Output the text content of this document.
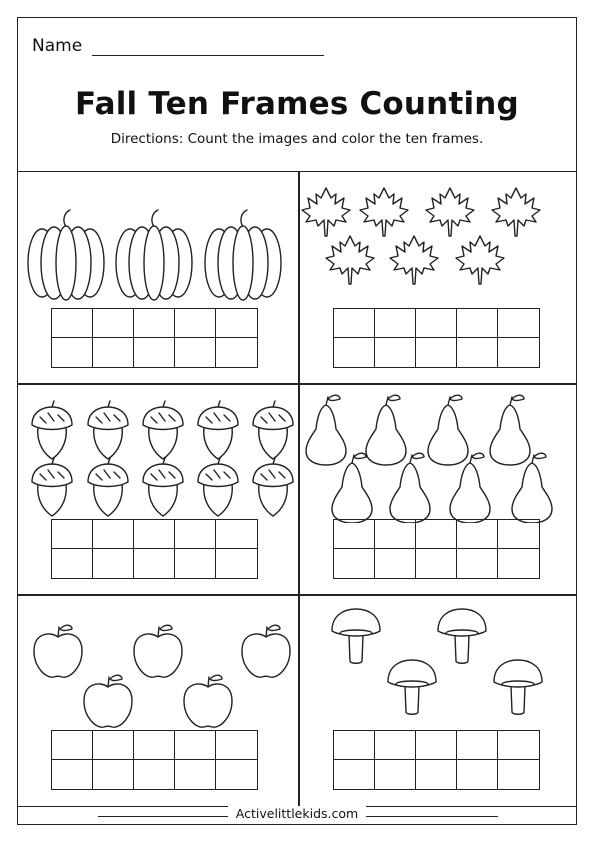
Name
Fall Ten Frames Counting
Directions: Count the images and color the ten frames.
Activelittlekids.com
